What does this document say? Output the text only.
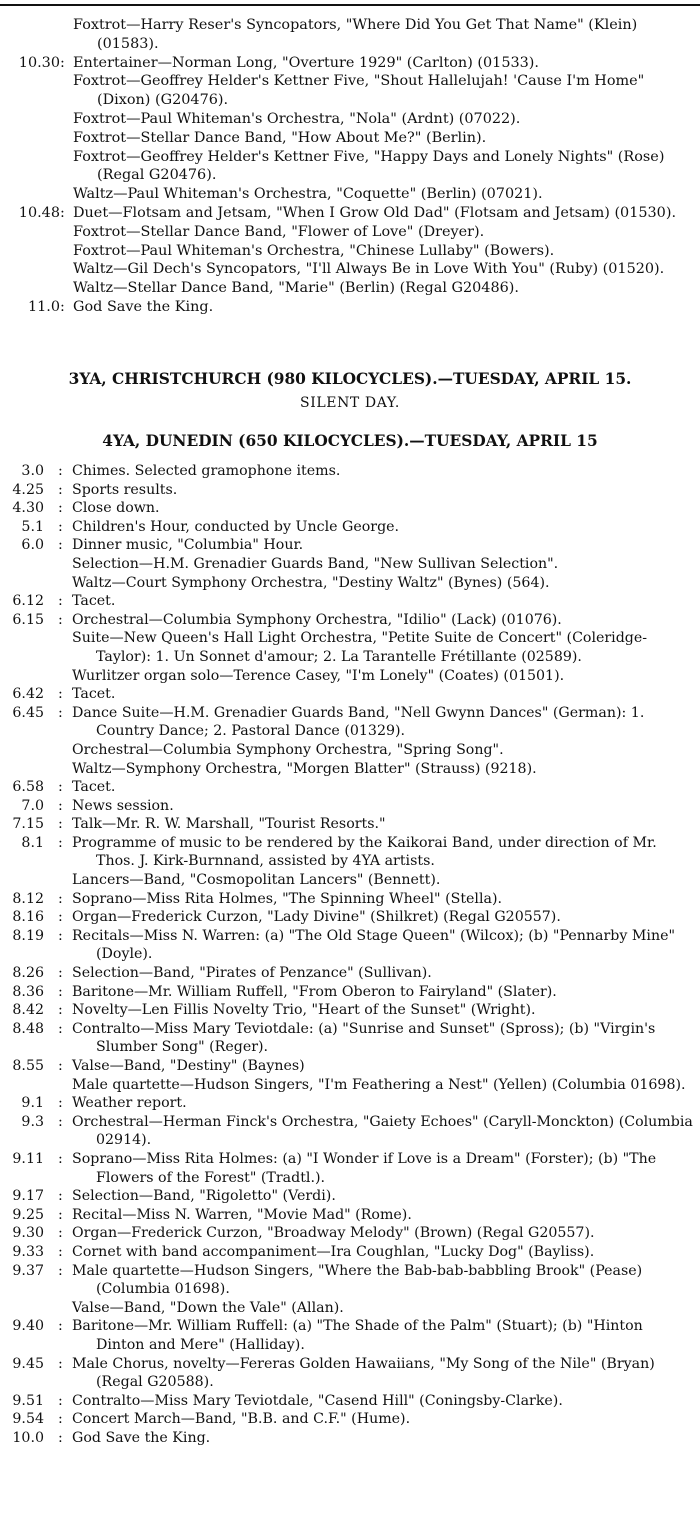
Foxtrot—Harry Reser's Syncopators, "Where Did You Get That Name" (Klein) (01583).
10.30 : Entertainer—Norman Long, "Overture 1929" (Carlton) (01533).
Foxtrot—Geoffrey Helder's Kettner Five, "Shout Hallelujah! 'Cause I'm Home" (Dixon) (G20476).
Foxtrot—Paul Whiteman's Orchestra, "Nola" (Ardnt) (07022).
Foxtrot—Stellar Dance Band, "How About Me?" (Berlin).
Foxtrot—Geoffrey Helder's Kettner Five, "Happy Days and Lonely Nights" (Rose) (Regal G20476).
Waltz—Paul Whiteman's Orchestra, "Coquette" (Berlin) (07021).
10.48 : Duet—Flotsam and Jetsam, "When I Grow Old Dad" (Flotsam and Jetsam) (01530).
Foxtrot—Stellar Dance Band, "Flower of Love" (Dreyer).
Foxtrot—Paul Whiteman's Orchestra, "Chinese Lullaby" (Bowers).
Waltz—Gil Dech's Syncopators, "I'll Always Be in Love With You" (Ruby) (01520).
Waltz—Stellar Dance Band, "Marie" (Berlin) (Regal G20486).
11.0 : God Save the King.
3YA, CHRISTCHURCH (980 KILOCYCLES).—TUESDAY, APRIL 15.
SILENT DAY.
4YA, DUNEDIN (650 KILOCYCLES).—TUESDAY, APRIL 15
3.0 : Chimes. Selected gramophone items.
4.25 : Sports results.
4.30 : Close down.
5.1 : Children's Hour, conducted by Uncle George.
6.0 : Dinner music, "Columbia" Hour.
Selection—H.M. Grenadier Guards Band, "New Sullivan Selection".
Waltz—Court Symphony Orchestra, "Destiny Waltz" (Bynes) (564).
6.12 : Tacet.
6.15 : Orchestral—Columbia Symphony Orchestra, "Idilio" (Lack) (01076).
Suite—New Queen's Hall Light Orchestra, "Petite Suite de Concert" (Coleridge-Taylor): 1. Un Sonnet d'amour; 2. La Tarantelle Frétillante (02589).
Wurlitzer organ solo—Terence Casey, "I'm Lonely" (Coates) (01501).
6.42 : Tacet.
6.45 : Dance Suite—H.M. Grenadier Guards Band, "Nell Gwynn Dances" (German): 1. Country Dance; 2. Pastoral Dance (01329).
Orchestral—Columbia Symphony Orchestra, "Spring Song".
Waltz—Symphony Orchestra, "Morgen Blatter" (Strauss) (9218).
6.58 : Tacet.
7.0 : News session.
7.15 : Talk—Mr. R. W. Marshall, "Tourist Resorts."
8.1 : Programme of music to be rendered by the Kaikorai Band, under direction of Mr. Thos. J. Kirk-Burnnand, assisted by 4YA artists.
Lancers—Band, "Cosmopolitan Lancers" (Bennett).
8.12 : Soprano—Miss Rita Holmes, "The Spinning Wheel" (Stella).
8.16 : Organ—Frederick Curzon, "Lady Divine" (Shilkret) (Regal G20557).
8.19 : Recitals—Miss N. Warren: (a) "The Old Stage Queen" (Wilcox); (b) "Pennarby Mine" (Doyle).
8.26 : Selection—Band, "Pirates of Penzance" (Sullivan).
8.36 : Baritone—Mr. William Ruffell, "From Oberon to Fairyland" (Slater).
8.42 : Novelty—Len Fillis Novelty Trio, "Heart of the Sunset" (Wright).
8.48 : Contralto—Miss Mary Teviotdale: (a) "Sunrise and Sunset" (Spross); (b) "Virgin's Slumber Song" (Reger).
8.55 : Valse—Band, "Destiny" (Baynes)
Male quartette—Hudson Singers, "I'm Feathering a Nest" (Yellen) (Columbia 01698).
9.1 : Weather report.
9.3 : Orchestral—Herman Finck's Orchestra, "Gaiety Echoes" (Caryll-Monckton) (Columbia 02914).
9.11 : Soprano—Miss Rita Holmes: (a) "I Wonder if Love is a Dream" (Forster); (b) "The Flowers of the Forest" (Tradtl.).
9.17 : Selection—Band, "Rigoletto" (Verdi).
9.25 : Recital—Miss N. Warren, "Movie Mad" (Rome).
9.30 : Organ—Frederick Curzon, "Broadway Melody" (Brown) (Regal G20557).
9.33 : Cornet with band accompaniment—Ira Coughlan, "Lucky Dog" (Bayliss).
9.37 : Male quartette—Hudson Singers, "Where the Bab-bab-babbling Brook" (Pease) (Columbia 01698).
Valse—Band, "Down the Vale" (Allan).
9.40 : Baritone—Mr. William Ruffell: (a) "The Shade of the Palm" (Stuart); (b) "Hinton Dinton and Mere" (Halliday).
9.45 : Male Chorus, novelty—Fereras Golden Hawaiians, "My Song of the Nile" (Bryan) (Regal G20588).
9.51 : Contralto—Miss Mary Teviotdale, "Casend Hill" (Coningsby-Clarke).
9.54 : Concert March—Band, "B.B. and C.F." (Hume).
10.0 : God Save the King.
